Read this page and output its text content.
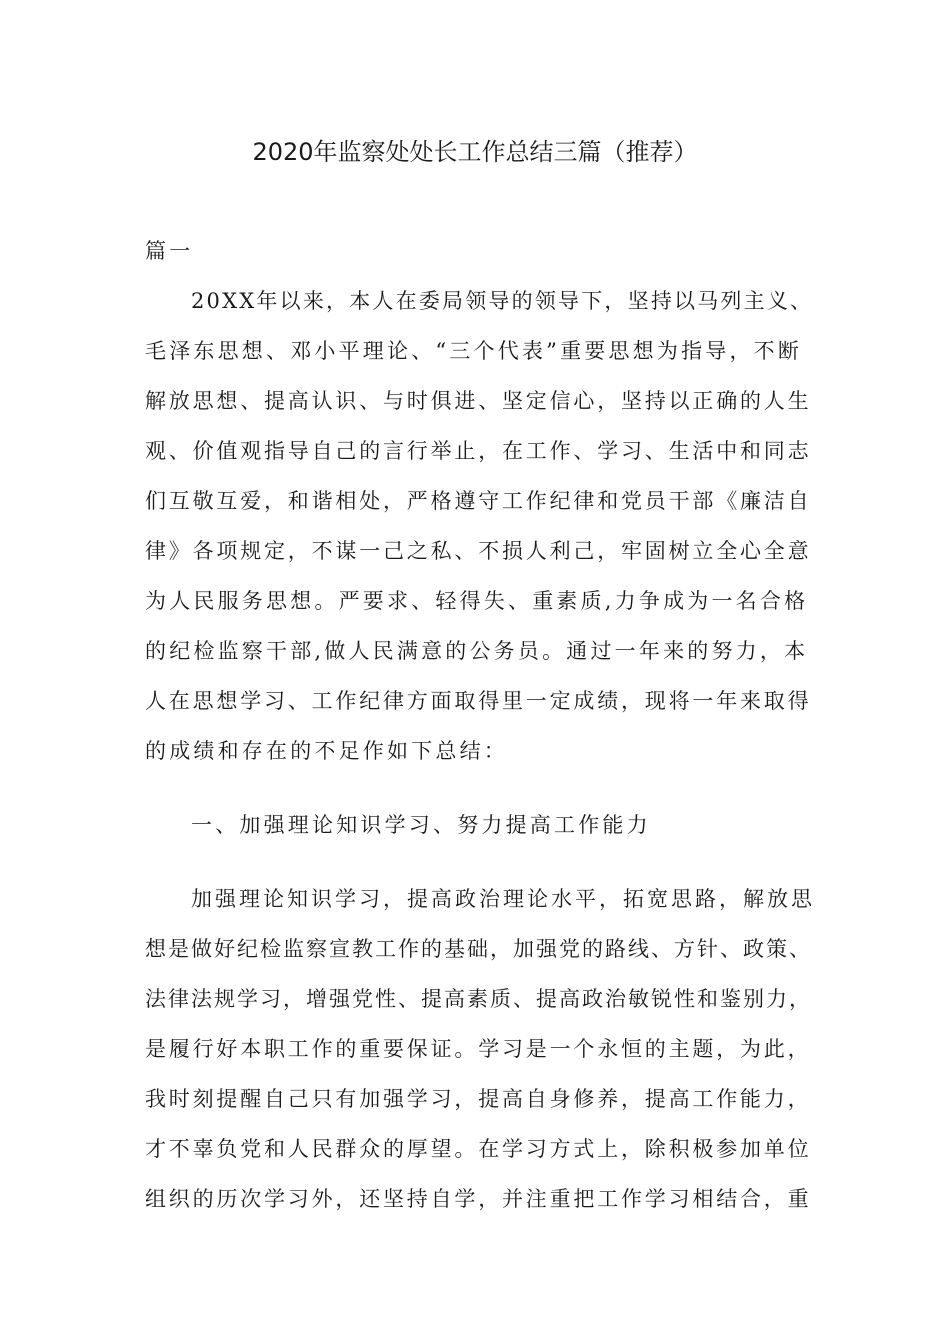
2020年监察处处长工作总结三篇（推荐）
篇一
20XX年以来，本人在委局领导的领导下，坚持以马列主义、
毛泽东思想、邓小平理论、“三个代表”重要思想为指导，不断
解放思想、提高认识、与时俱进、坚定信心，坚持以正确的人生
观、价值观指导自己的言行举止，在工作、学习、生活中和同志
们互敬互爱，和谐相处，严格遵守工作纪律和党员干部《廉洁自
律》各项规定，不谋一己之私、不损人利己，牢固树立全心全意
为人民服务思想。严要求、轻得失、重素质,力争成为一名合格
的纪检监察干部,做人民满意的公务员。通过一年来的努力，本
人在思想学习、工作纪律方面取得里一定成绩，现将一年来取得
的成绩和存在的不足作如下总结：
一、加强理论知识学习、努力提高工作能力
加强理论知识学习，提高政治理论水平，拓宽思路，解放思
想是做好纪检监察宣教工作的基础，加强党的路线、方针、政策、
法律法规学习，增强党性、提高素质、提高政治敏锐性和鉴别力，
是履行好本职工作的重要保证。学习是一个永恒的主题，为此，
我时刻提醒自己只有加强学习，提高自身修养，提高工作能力，
才不辜负党和人民群众的厚望。在学习方式上，除积极参加单位
组织的历次学习外，还坚持自学，并注重把工作学习相结合，重
